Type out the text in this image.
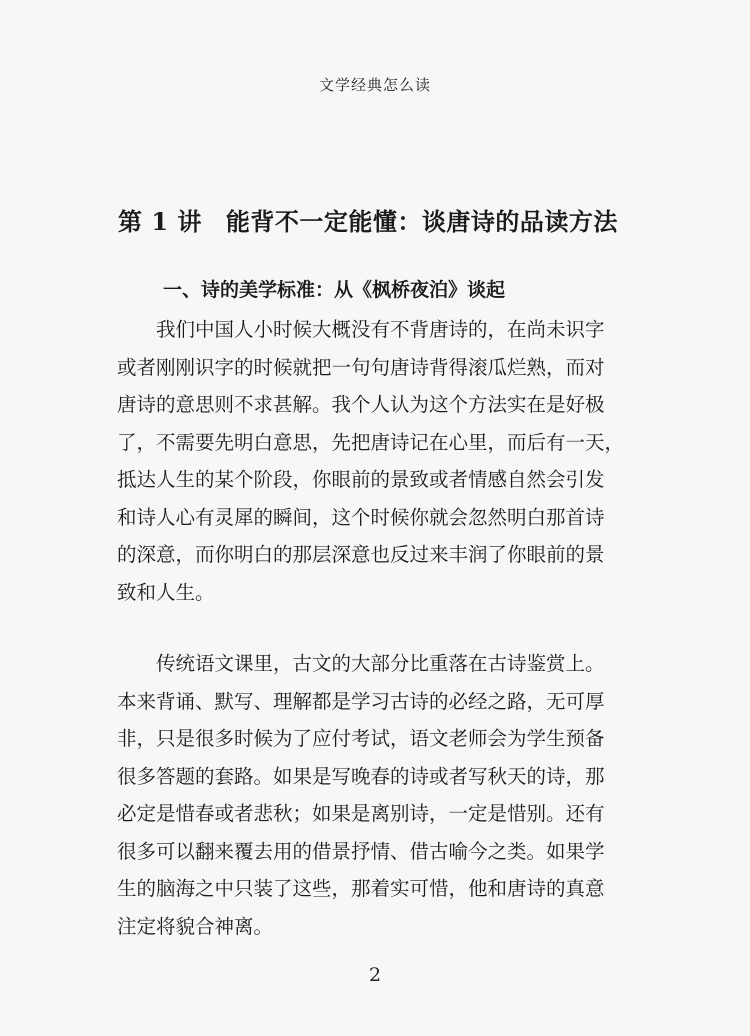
文学经典怎么读
第 1 讲 能背不一定能懂：谈唐诗的品读方法
一、诗的美学标准：从《枫桥夜泊》谈起

我们中国人小时候大概没有不背唐诗的，在尚未识字
或者刚刚识字的时候就把一句句唐诗背得滚瓜烂熟，而对
唐诗的意思则不求甚解。我个人认为这个方法实在是好极
了，不需要先明白意思，先把唐诗记在心里，而后有一天，
抵达人生的某个阶段，你眼前的景致或者情感自然会引发
和诗人心有灵犀的瞬间，这个时候你就会忽然明白那首诗
的深意，而你明白的那层深意也反过来丰润了你眼前的景
致和人生。

传统语文课里，古文的大部分比重落在古诗鉴赏上。
本来背诵、默写、理解都是学习古诗的必经之路，无可厚
非，只是很多时候为了应付考试，语文老师会为学生预备
很多答题的套路。如果是写晚春的诗或者写秋天的诗，那
必定是惜春或者悲秋；如果是离别诗，一定是惜别。还有
很多可以翻来覆去用的借景抒情、借古喻今之类。如果学
生的脑海之中只装了这些，那着实可惜，他和唐诗的真意
注定将貌合神离。

2
